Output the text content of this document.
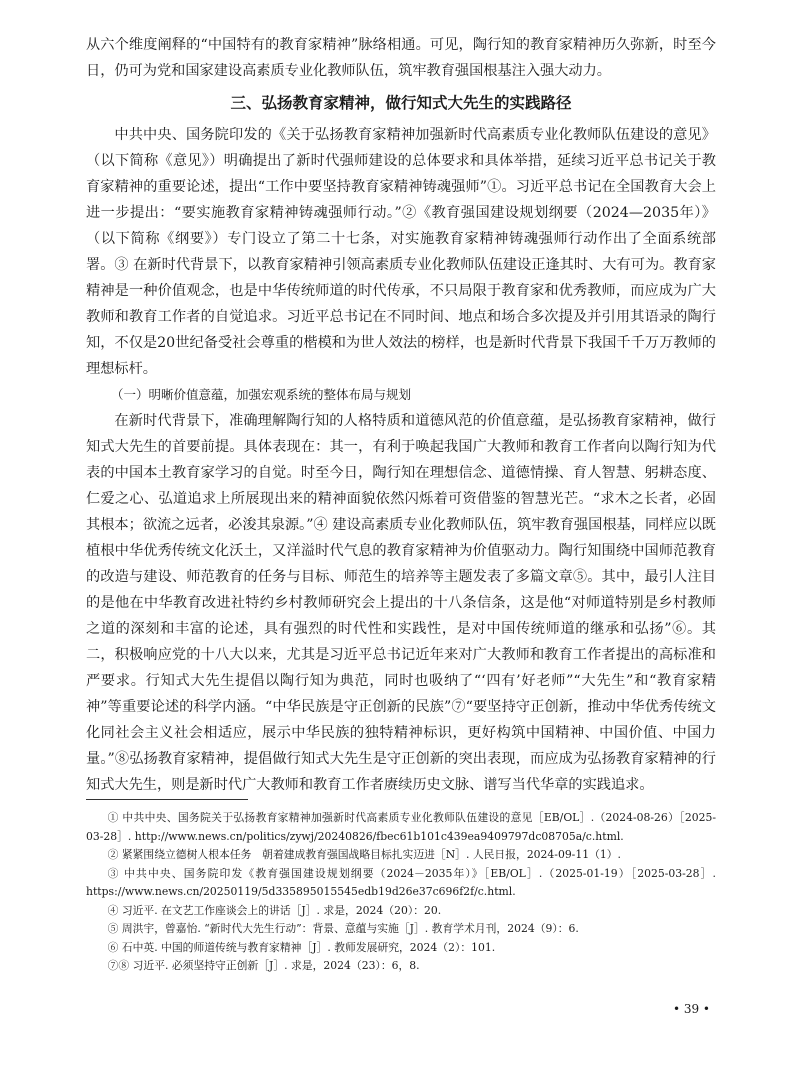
从六个维度阐释的“中国特有的教育家精神”脉络相通。可见，陶行知的教育家精神历久弥新，时至今日，仍可为党和国家建设高素质专业化教师队伍，筑牢教育强国根基注入强大动力。

三、弘扬教育家精神，做行知式大先生的实践路径

中共中央、国务院印发的《关于弘扬教育家精神加强新时代高素质专业化教师队伍建设的意见》（以下简称《意见》）明确提出了新时代强师建设的总体要求和具体举措，延续习近平总书记关于教育家精神的重要论述，提出“工作中要坚持教育家精神铸魂强师”①。习近平总书记在全国教育大会上进一步提出：“要实施教育家精神铸魂强师行动。”②《教育强国建设规划纲要（2024—2035年）》（以下简称《纲要》）专门设立了第二十七条，对实施教育家精神铸魂强师行动作出了全面系统部署。③ 在新时代背景下，以教育家精神引领高素质专业化教师队伍建设正逢其时、大有可为。教育家精神是一种价值观念，也是中华传统师道的时代传承，不只局限于教育家和优秀教师，而应成为广大教师和教育工作者的自觉追求。习近平总书记在不同时间、地点和场合多次提及并引用其语录的陶行知，不仅是20世纪备受社会尊重的楷模和为世人效法的榜样，也是新时代背景下我国千千万万教师的理想标杆。

（一）明晰价值意蕴，加强宏观系统的整体布局与规划

在新时代背景下，准确理解陶行知的人格特质和道德风范的价值意蕴，是弘扬教育家精神，做行知式大先生的首要前提。具体表现在：其一，有利于唤起我国广大教师和教育工作者向以陶行知为代表的中国本土教育家学习的自觉。时至今日，陶行知在理想信念、道德情操、育人智慧、躬耕态度、仁爱之心、弘道追求上所展现出来的精神面貌依然闪烁着可资借鉴的智慧光芒。“求木之长者，必固其根本；欲流之远者，必浚其泉源。”④ 建设高素质专业化教师队伍，筑牢教育强国根基，同样应以既植根中华优秀传统文化沃土，又洋溢时代气息的教育家精神为价值驱动力。陶行知围绕中国师范教育的改造与建设、师范教育的任务与目标、师范生的培养等主题发表了多篇文章⑤。其中，最引人注目的是他在中华教育改进社特约乡村教师研究会上提出的十八条信条，这是他“对师道特别是乡村教师之道的深刻和丰富的论述，具有强烈的时代性和实践性，是对中国传统师道的继承和弘扬”⑥。其二，积极响应党的十八大以来，尤其是习近平总书记近年来对广大教师和教育工作者提出的高标准和严要求。行知式大先生提倡以陶行知为典范，同时也吸纳了“‘四有’好老师”“大先生”和“教育家精神”等重要论述的科学内涵。“中华民族是守正创新的民族”⑦“要坚持守正创新，推动中华优秀传统文化同社会主义社会相适应，展示中华民族的独特精神标识，更好构筑中国精神、中国价值、中国力量。”⑧弘扬教育家精神，提倡做行知式大先生是守正创新的突出表现，而应成为弘扬教育家精神的行知式大先生，则是新时代广大教师和教育工作者赓续历史文脉、谱写当代华章的实践追求。

① 中共中央、国务院关于弘扬教育家精神加强新时代高素质专业化教师队伍建设的意见［EB/OL］.（2024-08-26）［2025-03-28］. http://www.news.cn/politics/zywj/20240826/fbec61b101c439ea9409797dc08705a/c.html.

② 紧紧围绕立德树人根本任务　朝着建成教育强国战略目标扎实迈进［N］. 人民日报，2024-09-11（1）.

③ 中共中央、国务院印发《教育强国建设规划纲要（2024－2035年）》［EB/OL］.（2025-01-19）［2025-03-28］. https://www.news.cn/20250119/5d335895015545edb19d26e37c696f2f/c.html.

④ 习近平. 在文艺工作座谈会上的讲话［J］. 求是，2024（20）：20.

⑤ 周洪宇，曾嘉怡. “新时代大先生行动”：背景、意蕴与实施［J］. 教育学术月刊，2024（9）：6.

⑥ 石中英. 中国的师道传统与教育家精神［J］. 教师发展研究，2024（2）：101.

⑦⑧ 习近平. 必须坚持守正创新［J］. 求是，2024（23）：6，8.

• 39 •
